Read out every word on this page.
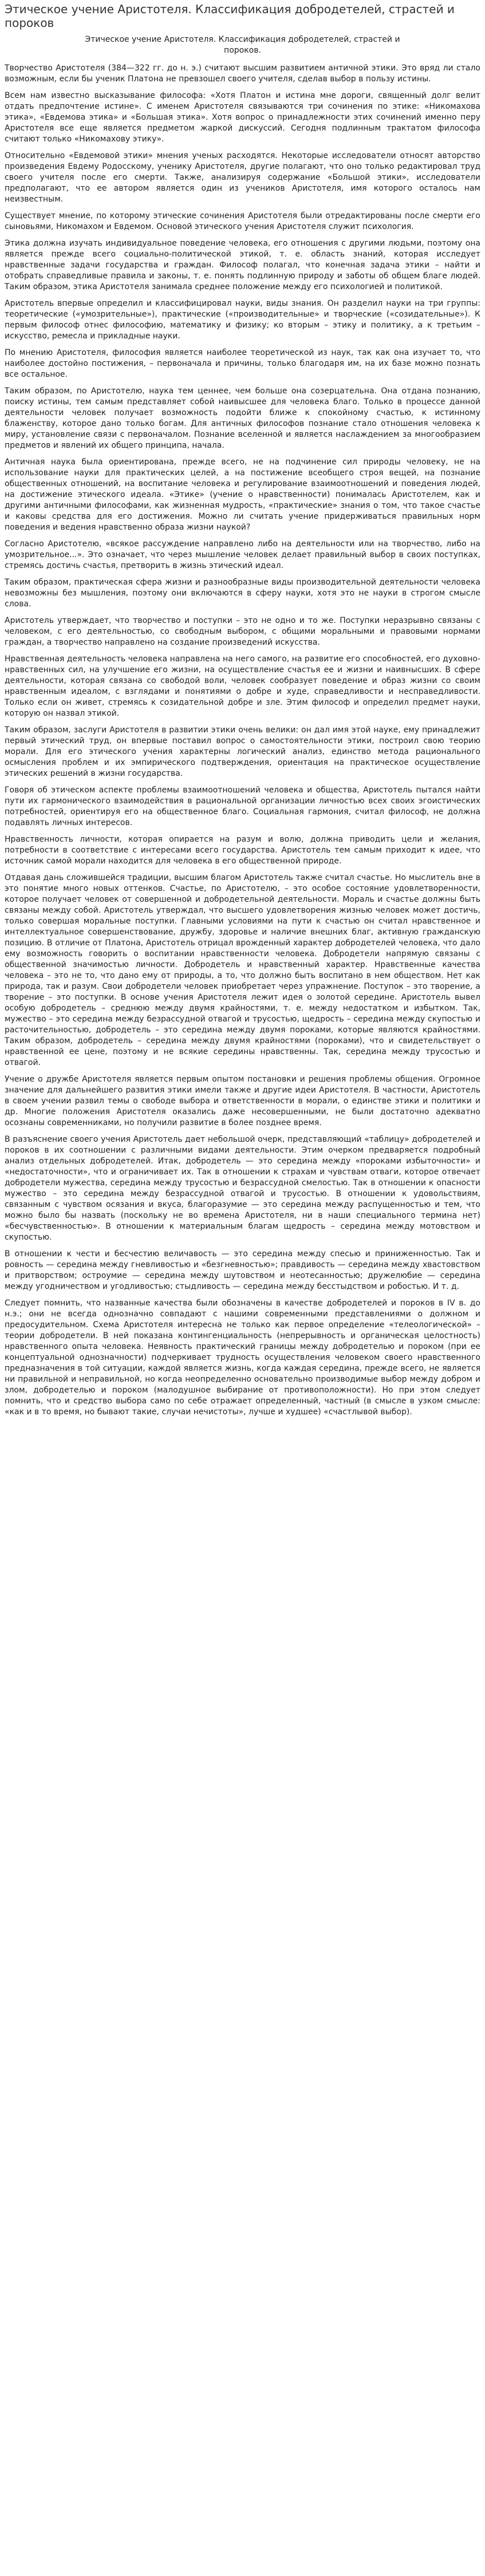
Этическое учение Аристотеля. Классификация добродетелей, страстей и пороков
Этическое учение Аристотеля. Классификация добродетелей, страстей и пороков.

Творчество Аристотеля (384—322 гг. до н. э.) считают высшим развитием античной этики. Это вряд ли стало возможным, если бы ученик Платона не превзошел своего учителя, сделав выбор в пользу истины.

Всем нам известно высказывание философа: «Хотя Платон и истина мне дороги, священный долг велит отдать предпочтение истине». С именем Аристотеля связываются три сочинения по этике: «Никомахова этика», «Евдемова этика» и «Большая этика». Хотя вопрос о принадлежности этих сочинений именно перу Аристотеля все еще является предметом жаркой дискуссий. Сегодня подлинным трактатом философа считают только «Никомахову этику».

Относительно «Евдемовой этики» мнения ученых расходятся. Некоторые исследователи относят авторство произведения Евдему Родосскому, ученику Аристотеля, другие полагают, что оно только редактировал труд своего учителя после его смерти. Также, анализируя содержание «Большой этики», исследователи предполагают, что ее автором является один из учеников Аристотеля, имя которого осталось нам неизвестным.

Существует мнение, по которому этические сочинения Аристотеля были отредактированы после смерти его сыновьями, Никомахом и Евдемом. Основой этического учения Аристотеля служит психология.

Этика должна изучать индивидуальное поведение человека, его отношения с другими людьми, поэтому она является прежде всего социально-политической этикой, т. е. область знаний, которая исследует нравственные задачи государства и граждан. Философ полагал, что конечная задача этики – найти и отобрать справедливые правила и законы, т. е. понять подлинную природу и заботы об общем благе людей. Таким образом, этика Аристотеля занимала среднее положение между его психологией и политикой.

Аристотель впервые определил и классифицировал науки, виды знания. Он разделил науки на три группы: теоретические («умозрительные»), практические («производительные» и творческие («созидательные»). К первым философ отнес философию, математику и физику; ко вторым – этику и политику, а к третьим – искусство, ремесла и прикладные науки.

По мнению Аристотеля, философия является наиболее теоретической из наук, так как она изучает то, что наиболее достойно постижения, – первоначала и причины, только благодаря им, на их базе можно познать все остальное.

Таким образом, по Аристотелю, наука тем ценнее, чем больше она созерцательна. Она отдана познанию, поиску истины, тем самым представляет собой наивысшее для человека благо. Только в процессе данной деятельности человек получает возможность подойти ближе к спокойному счастью, к истинному блаженству, которое дано только богам. Для античных философов познание стало отношения человека к миру, установление связи с первоначалом. Познание вселенной и является наслаждением за многообразием предметов и явлений их общего принципа, начала.

Античная наука была ориентирована, прежде всего, не на подчинение сил природы человеку, не на использование науки для практических целей, а на постижение всеобщего строя вещей, на познание общественных отношений, на воспитание человека и регулирование взаимоотношений и поведения людей, на достижение этического идеала. «Этике» (учение о нравственности) понималась Аристотелем, как и другими античными философами, как жизненная мудрость, «практические» знания о том, что такое счастье и каковы средства для его достижения. Можно ли считать учение придерживаться правильных норм поведения и ведения нравственно образа жизни наукой?

Согласно Аристотелю, «всякое рассуждение направлено либо на деятельности или на творчество, либо на умозрительное...». Это означает, что через мышление человек делает правильный выбор в своих поступках, стремясь достичь счастья, претворить в жизнь этический идеал.

Таким образом, практическая сфера жизни и разнообразные виды производительной деятельности человека невозможны без мышления, поэтому они включаются в сферу науки, хотя это не науки в строгом смысле слова.

Аристотель утверждает, что творчество и поступки – это не одно и то же. Поступки неразрывно связаны с человеком, с его деятельностью, со свободным выбором, с общими моральными и правовыми нормами граждан, а творчество направлено на создание произведений искусства.

Нравственная деятельность человека направлена на него самого, на развитие его способностей, его духовно-нравственных сил, на улучшение его жизни, на осуществление счастья ее и жизни и наивнысших. В сфере деятельности, которая связана со свободой воли, человек сообразует поведение и образ жизни со своим нравственным идеалом, с взглядами и понятиями о добре и худе, справедливости и несправедливости. Только если он живет, стремясь к созидательной добре и зле. Этим философ и определил предмет науки, которую он назвал этикой.

Таким образом, заслуги Аристотеля в развитии этики очень велики: он дал имя этой науке, ему принадлежит первый этический труд, он впервые поставил вопрос о самостоятельности этики, построил свою теорию морали. Для его этического учения характерны логический анализ, единство метода рационального осмысления проблем и их эмпирического подтверждения, ориентация на практическое осуществление этических решений в жизни государства.

Говоря об этическом аспекте проблемы взаимоотношений человека и общества, Аристотель пытался найти пути их гармонического взаимодействия в рациональной организации личностью всех своих эгоистических потребностей, ориентируя его на общественное благо. Социальная гармония, считал философ, не должна подавлять личных интересов.

Нравственность личности, которая опирается на разум и волю, должна приводить цели и желания, потребности в соответствие с интересами всего государства. Аристотель тем самым приходит к идее, что источник самой морали находится для человека в его общественной природе.

Отдавая дань сложившейся традиции, высшим благом Аристотель также считал счастье. Но мыслитель вне в это понятие много новых оттенков. Счастье, по Аристотелю, – это особое состояние удовлетворенности, которое получает человек от совершенной и добродетельной деятельности. Мораль и счастье должны быть связаны между собой. Аристотель утверждал, что высшего удовлетворения жизнью человек может достичь, только совершая моральные поступки. Главными условиями на пути к счастью он считал нравственное и интеллектуальное совершенствование, дружбу, здоровье и наличие внешних благ, активную гражданскую позицию. В отличие от Платона, Аристотель отрицал врожденный характер добродетелей человека, что дало ему возможность говорить о воспитании нравственности человека. Добродетели напрямую связаны с общественной значимостью личности. Добродетель и нравственный характер. Нравственные качества человека – это не то, что дано ему от природы, а то, что должно быть воспитано в нем обществом. Нет как природа, так и разум. Свои добродетели человек приобретает через упражнение. Поступок – это творение, а творение – это поступки. В основе учения Аристотеля лежит идея о золотой середине. Аристотель вывел особую добродетель – среднюю между двумя крайностями, т. е. между недостатком и избытком. Так, мужество – это середина между безрассудной отвагой и трусостью, щедрость – середина между скупостью и расточительностью, добродетель – это середина между двумя пороками, которые являются крайностями. Таким образом, добродетель – середина между двумя крайностями (пороками), что и свидетельствует о нравственной ее цене, поэтому и не всякие середины нравственны. Так, середина между трусостью и отвагой.

Учение о дружбе Аристотеля является первым опытом постановки и решения проблемы общения. Огромное значение для дальнейшего развития этики имели также и другие идеи Аристотеля. В частности, Аристотель в своем учении развил темы о свободе выбора и ответственности в морали, о единстве этики и политики и др. Многие положения Аристотеля оказались даже несовершенными, не были достаточно адекватно осознаны современниками, но получили развитие в более позднее время.

В разъяснение своего учения Аристотель дает небольшой очерк, представляющий «таблицу» добродетелей и пороков в их соотношении с различными видами деятельности. Этим очерком предваряется подробный анализ отдельных добродетелей. Итак, добродетель — это середина между «пороками избыточности» и «недостаточности», что и ограничивает их. Так в отношении к страхам и чувствам отваги, которое отвечает добродетели мужества, середина между трусостью и безрассудной смелостью. Так в отношении к опасности мужество – это середина между безрассудной отвагой и трусостью. В отношении к удовольствиям, связанным с чувством осязания и вкуса, благоразумие — это середина между распущенностью и тем, что можно было бы назвать (поскольку не во времена Аристотеля, ни в наши специального термина нет) «бесчувственностью». В отношении к материальным благам щедрость – середина между мотовством и скупостью.

В отношении к чести и бесчестию величавость — это середина между спесью и приниженностью. Так и ровность — середина между гневливостью и «безгневностью»; правдивость — середина между хвастовством и притворством; остроумие — середина между шутовством и неотесанностью; дружелюбие — середина между угодничеством и угодливостью; стыдливость — середина между бесстыдством и робостью. И т. д.

Следует помнить, что названные качества были обозначены в качестве добродетелей и пороков в IV в. до н.э.; они не всегда однозначно совпадают с нашими современными представлениями о должном и предосудительном. Схема Аристотеля интересна не только как первое определение «телеологической» – теории добродетели. В ней показана контингенциальность (непрерывность и органическая целостность) нравственного опыта человека. Неявность практический границы между добродетелью и пороком (при ее концептуальной однозначности) подчеркивает трудность осуществления человеком своего нравственного предназначения в той ситуации, каждой является жизнь, когда каждая середина, прежде всего, не является ни правильной и неправильной, но когда неопределенно основательно производимые выбор между добром и злом, добродетелью и пороком (малодушное выбирание от противоположности). Но при этом следует помнить, что и средство выбора само по себе отражает определенный, частный (в смысле в узком смысле: «как и в то время, но бывают такие, случаи нечистоты», лучше и худшее) «счастлывой выбор).
